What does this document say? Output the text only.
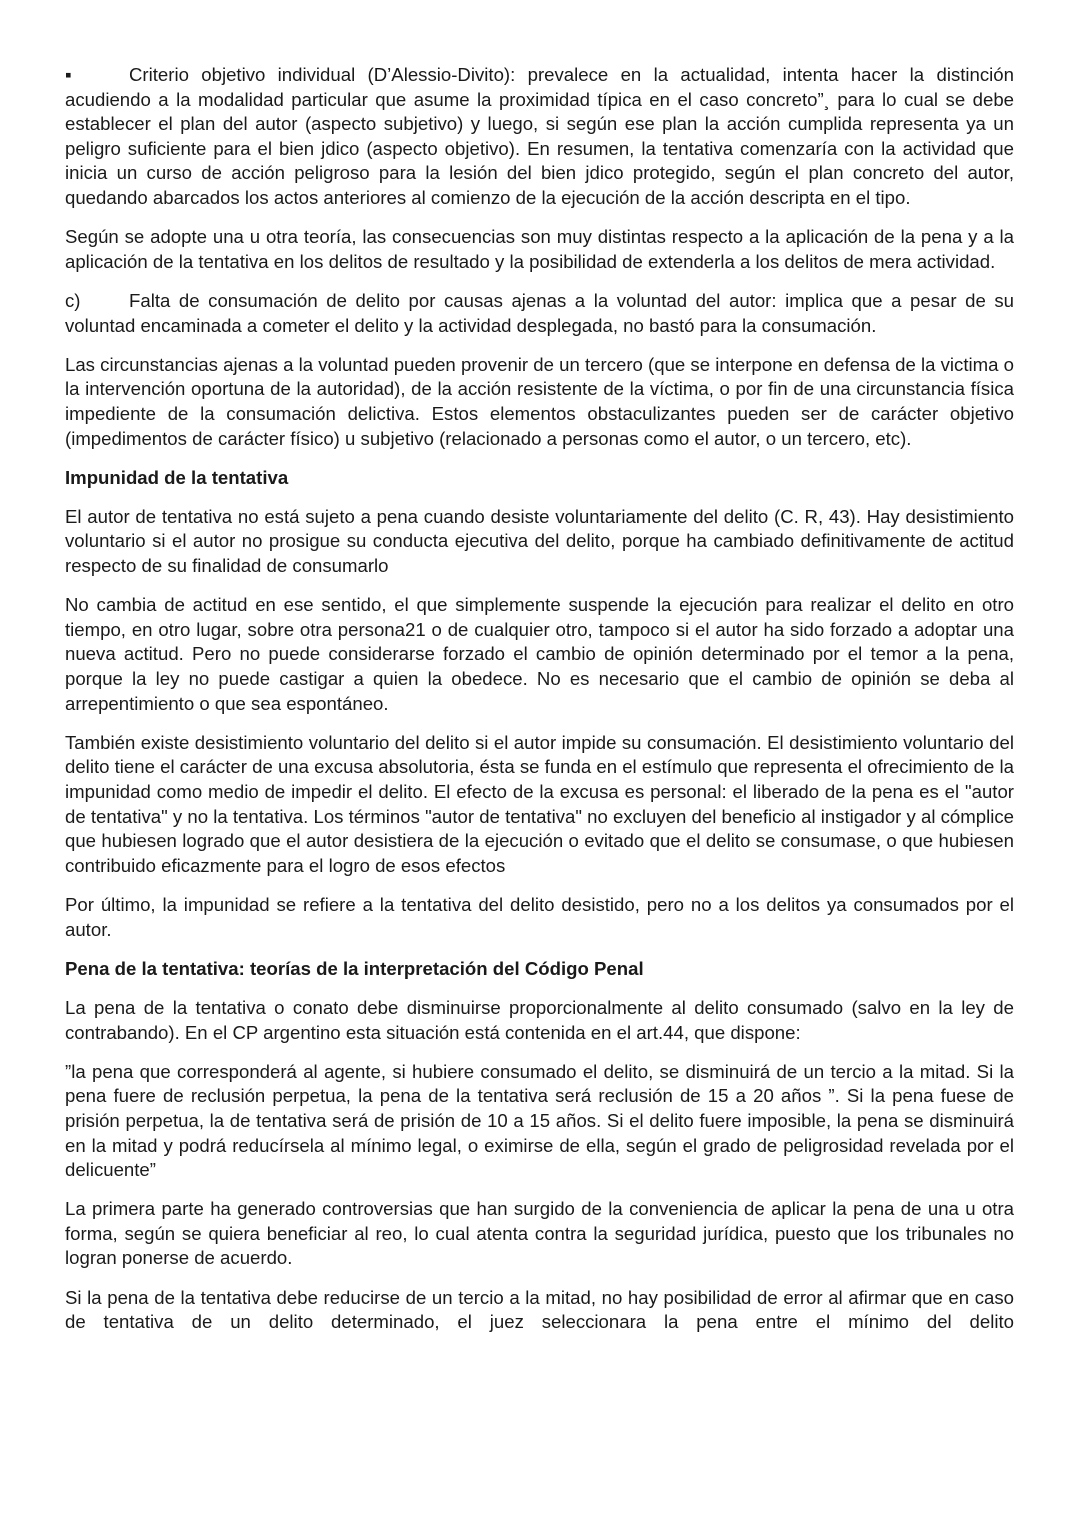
▪	Criterio objetivo individual (D’Alessio-Divito): prevalece en la actualidad, intenta hacer la distinción acudiendo a la modalidad particular que asume la proximidad típica en el caso concreto”¸ para lo cual se debe establecer el plan del autor (aspecto subjetivo) y luego, si según ese plan la acción cumplida representa ya un peligro suficiente para el bien jdico (aspecto objetivo). En resumen, la tentativa comenzaría con la actividad que inicia un curso de acción peligroso para la lesión del bien jdico protegido, según el plan concreto del autor, quedando abarcados los actos anteriores al comienzo de la ejecución de la acción descripta en el tipo.

Según se adopte una u otra teoría, las consecuencias son muy distintas respecto a la aplicación de la pena y a la aplicación de la tentativa en los delitos de resultado y la posibilidad de extenderla a los delitos de mera actividad.

c)	Falta de consumación de delito por causas ajenas a la voluntad del autor: implica que a pesar de su voluntad encaminada a cometer el delito y la actividad desplegada, no bastó para la consumación.

Las circunstancias ajenas a la voluntad pueden provenir de un tercero (que se interpone en defensa de la victima o la intervención oportuna de la autoridad), de la acción resistente de la víctima, o por fin de una circunstancia física impediente de la consumación delictiva. Estos elementos obstaculizantes pueden ser de carácter objetivo (impedimentos de carácter físico) u subjetivo (relacionado a personas como el autor, o un tercero, etc).

Impunidad de la tentativa

El autor de tentativa no está sujeto a pena cuando desiste voluntariamente del delito (C. R, 43). Hay desistimiento voluntario si el autor no prosigue su conducta ejecutiva del delito, porque ha cambiado definitivamente de actitud respecto de su finalidad de consumarlo

No cambia de actitud en ese sentido, el que simplemente suspende la ejecución para realizar el delito en otro tiempo, en otro lugar, sobre otra persona21 o de cualquier otro, tampoco si el autor ha sido forzado a adoptar una nueva actitud. Pero no puede considerarse forzado el cambio de opinión determinado por el temor a la pena, porque la ley no puede castigar a quien la obedece. No es necesario que el cambio de opinión se deba al arrepentimiento o que sea espontáneo.

También existe desistimiento voluntario del delito si el autor impide su consumación. El desistimiento voluntario del delito tiene el carácter de una excusa absolutoria, ésta se funda en el estímulo que representa el ofrecimiento de la impunidad como medio de impedir el delito. El efecto de la excusa es personal: el liberado de la pena es el "autor de tentativa" y no la tentativa. Los términos "autor de tentativa" no excluyen del beneficio al instigador y al cómplice que hubiesen logrado que el autor desistiera de la ejecución o evitado que el delito se consumase, o que hubiesen contribuido eficazmente para el logro de esos efectos

Por último, la impunidad se refiere a la tentativa del delito desistido, pero no a los delitos ya consumados por el autor.

Pena de la tentativa: teorías de la interpretación del Código Penal

La pena de la tentativa o conato debe disminuirse proporcionalmente al delito consumado (salvo en la ley de contrabando). En el CP argentino esta situación está contenida en el art.44, que dispone:

”la pena que corresponderá al agente, si hubiere consumado el delito, se disminuirá de un tercio a la mitad. Si la pena fuere de reclusión perpetua, la pena de la tentativa será reclusión de 15 a 20 años ”. Si la pena fuese de prisión perpetua, la de tentativa será de prisión de 10 a 15 años. Si el delito fuere imposible, la pena se disminuirá en la mitad y podrá reducírsela al mínimo legal, o eximirse de ella, según el grado de peligrosidad revelada por el delicuente”

La primera parte ha generado controversias que han surgido de la conveniencia de aplicar la pena de una u otra forma, según se quiera beneficiar al reo, lo cual atenta contra la seguridad jurídica, puesto que los tribunales no logran ponerse de acuerdo.

Si la pena de la tentativa debe reducirse de un tercio a la mitad, no hay posibilidad de error al afirmar que en caso de tentativa de un delito determinado, el juez seleccionara la pena entre el mínimo del delito
